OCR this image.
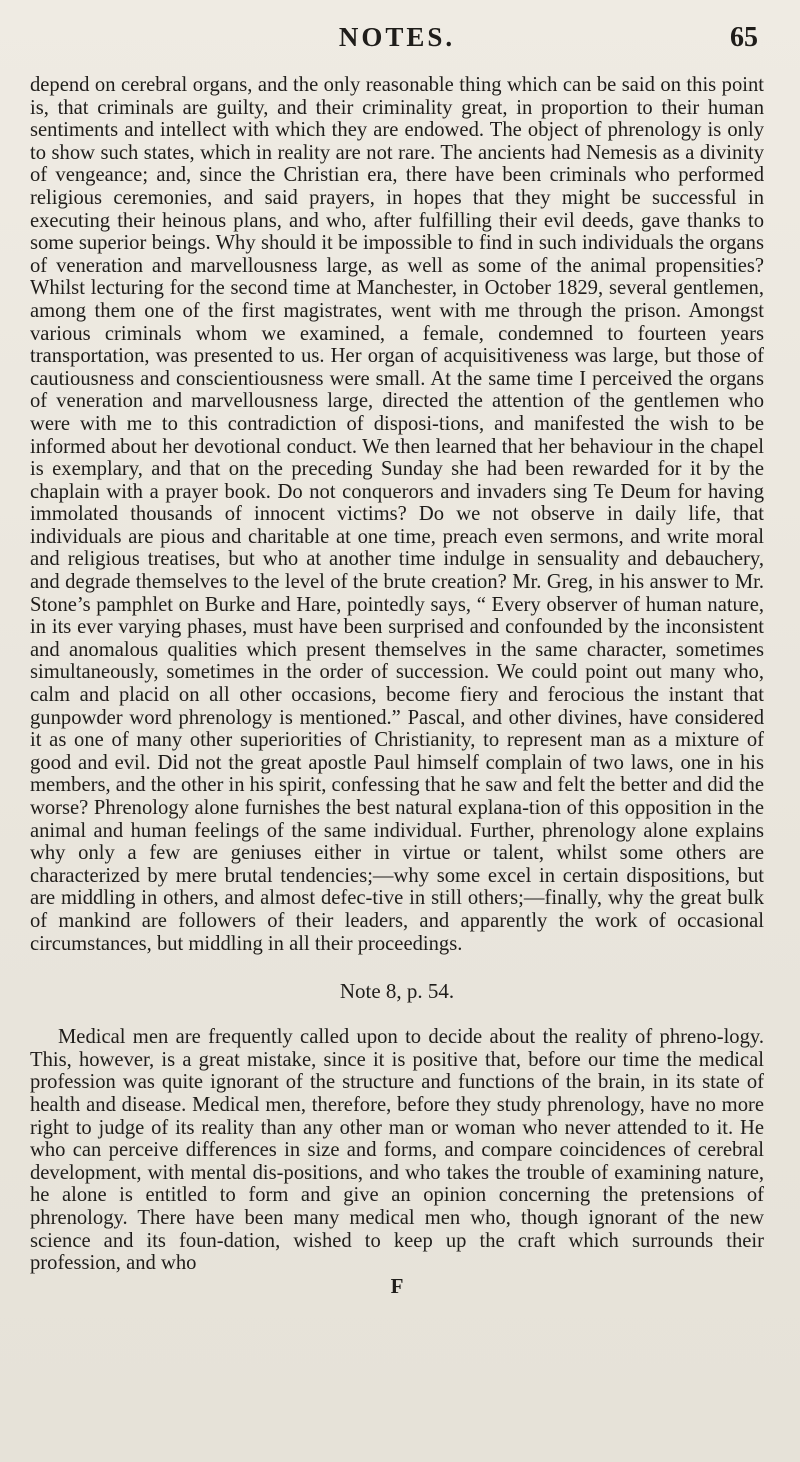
NOTES.	65

depend on cerebral organs, and the only reasonable thing which can be said on this point is, that criminals are guilty, and their criminality great, in proportion to their human sentiments and intellect with which they are endowed. The object of phrenology is only to show such states, which in reality are not rare. The ancients had Nemesis as a divinity of vengeance; and, since the Christian era, there have been criminals who performed religious ceremonies, and said prayers, in hopes that they might be successful in executing their heinous plans, and who, after fulfilling their evil deeds, gave thanks to some superior beings. Why should it be impossible to find in such individuals the organs of veneration and marvellousness large, as well as some of the animal propensities? Whilst lecturing for the second time at Manchester, in October 1829, several gentlemen, among them one of the first magistrates, went with me through the prison. Amongst various criminals whom we examined, a female, condemned to fourteen years transportation, was presented to us. Her organ of acquisitiveness was large, but those of cautiousness and conscientiousness were small. At the same time I perceived the organs of veneration and marvellousness large, directed the attention of the gentlemen who were with me to this contradiction of disposi-tions, and manifested the wish to be informed about her devotional conduct. We then learned that her behaviour in the chapel is exemplary, and that on the preceding Sunday she had been rewarded for it by the chaplain with a prayer book. Do not conquerors and invaders sing Te Deum for having immolated thousands of innocent victims? Do we not observe in daily life, that individuals are pious and charitable at one time, preach even sermons, and write moral and religious treatises, but who at another time indulge in sensuality and debauchery, and degrade themselves to the level of the brute creation? Mr. Greg, in his answer to Mr. Stone’s pamphlet on Burke and Hare, pointedly says, “ Every observer of human nature, in its ever varying phases, must have been surprised and confounded by the inconsistent and anomalous qualities which present themselves in the same character, sometimes simultaneously, sometimes in the order of succession. We could point out many who, calm and placid on all other occasions, become fiery and ferocious the instant that gunpowder word phrenology is mentioned.” Pascal, and other divines, have considered it as one of many other superiorities of Christianity, to represent man as a mixture of good and evil. Did not the great apostle Paul himself complain of two laws, one in his members, and the other in his spirit, confessing that he saw and felt the better and did the worse? Phrenology alone furnishes the best natural explana-tion of this opposition in the animal and human feelings of the same individual. Further, phrenology alone explains why only a few are geniuses either in virtue or talent, whilst some others are characterized by mere brutal tendencies;—why some excel in certain dispositions, but are middling in others, and almost defec-tive in still others;—finally, why the great bulk of mankind are followers of their leaders, and apparently the work of occasional circumstances, but middling in all their proceedings.

Note 8, p. 54.

Medical men are frequently called upon to decide about the reality of phreno-logy. This, however, is a great mistake, since it is positive that, before our time the medical profession was quite ignorant of the structure and functions of the brain, in its state of health and disease. Medical men, therefore, before they study phrenology, have no more right to judge of its reality than any other man or woman who never attended to it. He who can perceive differences in size and forms, and compare coincidences of cerebral development, with mental dis-positions, and who takes the trouble of examining nature, he alone is entitled to form and give an opinion concerning the pretensions of phrenology. There have been many medical men who, though ignorant of the new science and its foun-dation, wished to keep up the craft which surrounds their profession, and who

F
